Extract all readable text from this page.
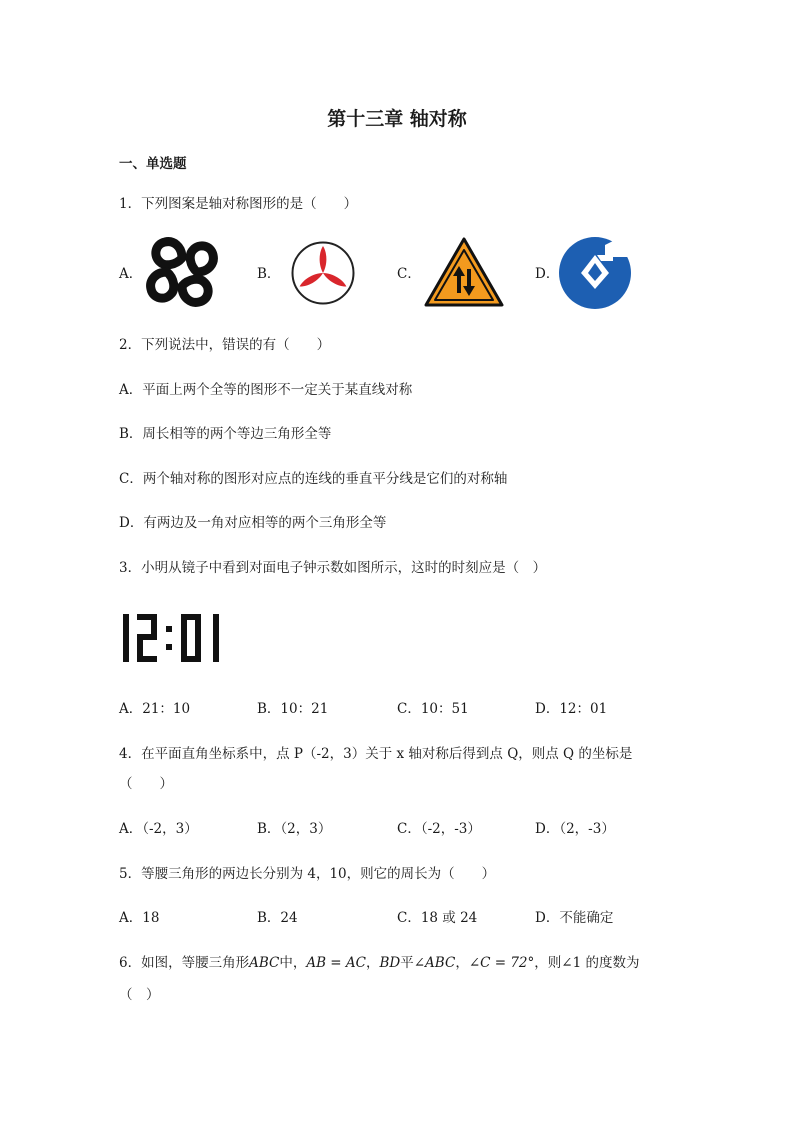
第十三章 轴对称
一、单选题
1．下列图案是轴对称图形的是（　　）
A．	B．	C．	D．
2．下列说法中，错误的有（　　）
A．平面上两个全等的图形不一定关于某直线对称
B．周长相等的两个等边三角形全等
C．两个轴对称的图形对应点的连线的垂直平分线是它们的对称轴
D．有两边及一角对应相等的两个三角形全等
3．小明从镜子中看到对面电子钟示数如图所示，这时的时刻应是（　）
A．21：10	B．10：21	C．10：51	D．12：01
4．在平面直角坐标系中，点 P（-2，3）关于 x 轴对称后得到点 Q，则点 Q 的坐标是
（　　）
A．（-2，3）	B．（2，3）	C．（-2，-3）	D．（2，-3）
5．等腰三角形的两边长分别为 4，10，则它的周长为（　　）
A．18	B．24	C．18 或 24	D．不能确定
6．如图，等腰三角形ABC中，AB = AC，BD平∠ABC，∠C = 72°，则∠1 的度数为
（　）
